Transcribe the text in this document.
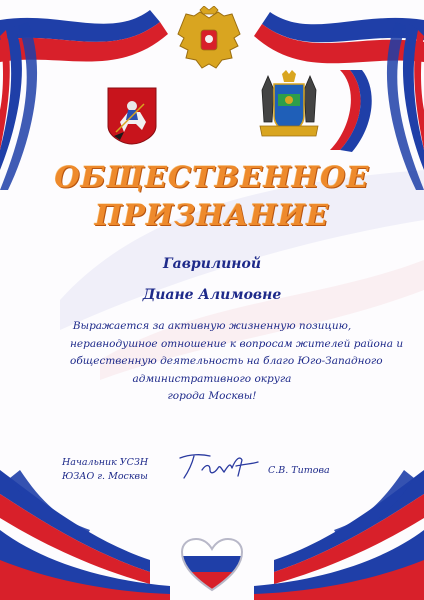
ОБЩЕСТВЕННОЕ
ПРИЗНАНИЕ
Гаврилиной
Диане Алимовне
Выражается за активную жизненную позицию,
неравнодушное отношение к вопросам жителей района и
общественную деятельность на благо Юго-Западного
административного округа
города Москвы!
Начальник УСЗН
ЮЗАО г. Москвы
С.В. Титова
